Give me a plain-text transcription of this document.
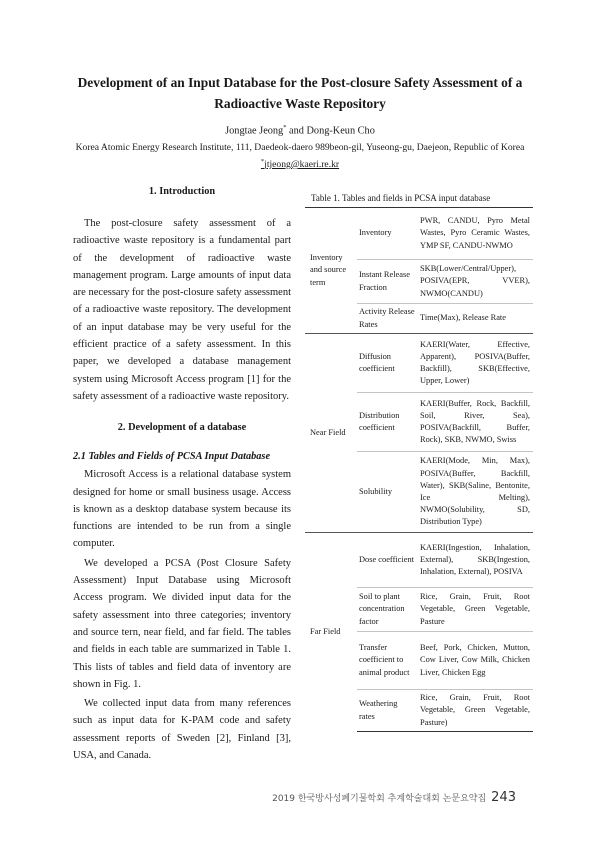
Development of an Input Database for the Post-closure Safety Assessment of a
Radioactive Waste Repository
Jongtae Jeong* and Dong-Keun Cho
Korea Atomic Energy Research Institute, 111, Daedeok-daero 989beon-gil, Yuseong-gu, Daejeon, Republic of Korea
*jtjeong@kaeri.re.kr

1. Introduction

The post-closure safety assessment of a radioactive waste repository is a fundamental part of the development of radioactive waste management program. Large amounts of input data are necessary for the post-closure safety assessment of a radioactive waste repository. The development of an input database may be very useful for the efficient practice of a safety assessment. In this paper, we developed a database management system using Microsoft Access program [1] for the safety assessment of a radioactive waste repository.

2. Development of a database

2.1 Tables and Fields of PCSA Input Database

Microsoft Access is a relational database system designed for home or small business usage. Access is known as a desktop database system because its functions are intended to be run from a single computer.

We developed a PCSA (Post Closure Safety Assessment) Input Database using Microsoft Access program. We divided input data for the safety assessment into three categories; inventory and source tern, near field, and far field. The tables and fields in each table are summarized in Table 1. This lists of tables and field data of inventory are shown in Fig. 1.

We collected input data from many references such as input data for K-PAM code and safety assessment reports of Sweden [2], Finland [3], USA, and Canada.

Table 1. Tables and fields in PCSA input database
Inventory and source term	Inventory	PWR, CANDU, Pyro Metal Wastes, Pyro Ceramic Wastes, YMP SF, CANDU-NWMO
	Instant Release Fraction	SKB(Lower/Central/Upper), POSIVA(EPR, VVER), NWMO(CANDU)
	Activity Release Rates	Time(Max), Release Rate
Near Field	Diffusion coefficient	KAERI(Water, Effective, Apparent), POSIVA(Buffer, Backfill), SKB(Effective, Upper, Lower)
	Distribution coefficient	KAERI(Buffer, Rock, Backfill, Soil, River, Sea), POSIVA(Backfill, Buffer, Rock), SKB, NWMO, Swiss
	Solubility	KAERI(Mode, Min, Max), POSIVA(Buffer, Backfill, Water), SKB(Saline, Bentonite, Ice Melting), NWMO(Solubility, SD, Distribution Type)
Far Field	Dose coefficient	KAERI(Ingestion, Inhalation, External), SKB(Ingestion, Inhalation, External), POSIVA
	Soil to plant concentration factor	Rice, Grain, Fruit, Root Vegetable, Green Vegetable, Pasture
	Transfer coefficient to animal product	Beef, Pork, Chicken, Mutton, Cow Liver, Cow Milk, Chicken Liver, Chicken Egg
	Weathering rates	Rice, Grain, Fruit, Root Vegetable, Green Vegetable, Pasture)
2019 한국방사성폐기물학회 추계학술대회 논문요약집 243
